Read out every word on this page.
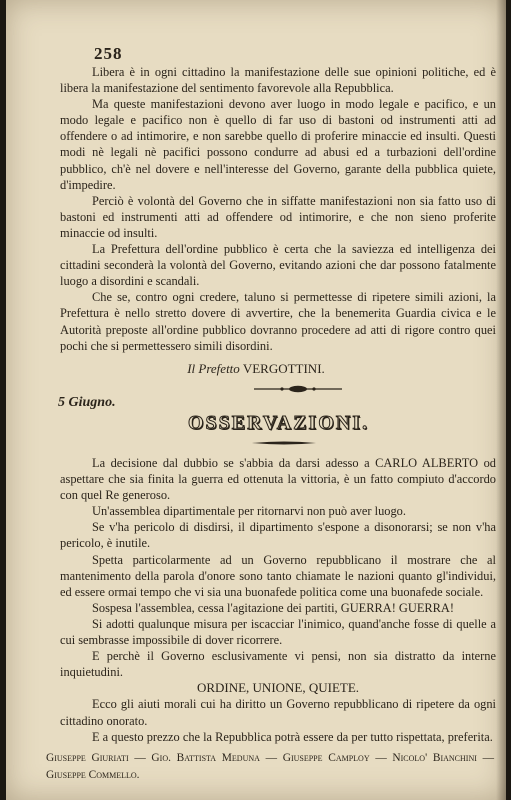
258

Libera è in ogni cittadino la manifestazione delle sue opinioni politiche, ed è libera la manifestazione del sentimento favorevole alla Repubblica.

Ma queste manifestazioni devono aver luogo in modo legale e pacifico, e un modo legale e pacifico non è quello di far uso di bastoni od instrumenti atti ad offendere o ad intimorire, e non sarebbe quello di proferire minaccie ed insulti. Questi modi nè legali nè pacifici possono condurre ad abusi ed a turbazioni dell'ordine pubblico, ch'è nel dovere e nell'interesse del Governo, garante della pubblica quiete, d'impedire.

Perciò è volontà del Governo che in siffatte manifestazioni non sia fatto uso di bastoni ed instrumenti atti ad offendere od intimorire, e che non sieno proferite minaccie od insulti.

La Prefettura dell'ordine pubblico è certa che la saviezza ed intelligenza dei cittadini seconderà la volontà del Governo, evitando azioni che dar possono fatalmente luogo a disordini e scandali.

Che se, contro ogni credere, taluno si permettesse di ripetere simili azioni, la Prefettura è nello stretto dovere di avvertire, che la benemerita Guardia civica e le Autorità preposte all'ordine pubblico dovranno procedere ad atti di rigore contro quei pochi che si permettessero simili disordini.

Il Prefetto VERGOTTINI.
5 Giugno.
OSSERVAZIONI.

La decisione dal dubbio se s'abbia da darsi adesso a CARLO ALBERTO od aspettare che sia finita la guerra ed ottenuta la vittoria, è un fatto compiuto d'accordo con quel Re generoso.

Un'assemblea dipartimentale per ritornarvi non può aver luogo.

Se v'ha pericolo di disdirsi, il dipartimento s'espone a disonorarsi; se non v'ha pericolo, è inutile.

Spetta particolarmente ad un Governo repubblicano il mostrare che al mantenimento della parola d'onore sono tanto chiamate le nazioni quanto gl'individui, ed essere ormai tempo che vi sia una buonafede politica come una buonafede sociale.

Sospesa l'assemblea, cessa l'agitazione dei partiti, GUERRA! GUERRA!

Si adotti qualunque misura per iscacciar l'inimico, quand'anche fosse di quelle a cui sembrasse impossibile di dover ricorrere.

E perchè il Governo esclusivamente vi pensi, non sia distratto da interne inquietudini.

ORDINE, UNIONE, QUIETE.

Ecco gli aiuti morali cui ha diritto un Governo repubblicano di ripetere da ogni cittadino onorato.

E a questo prezzo che la Repubblica potrà essere da per tutto rispettata, preferita.

Giuseppe Giuriati — Gio. Battista Meduna — Giuseppe Camploy — Nicolo' Bianchini — Giuseppe Commello.
